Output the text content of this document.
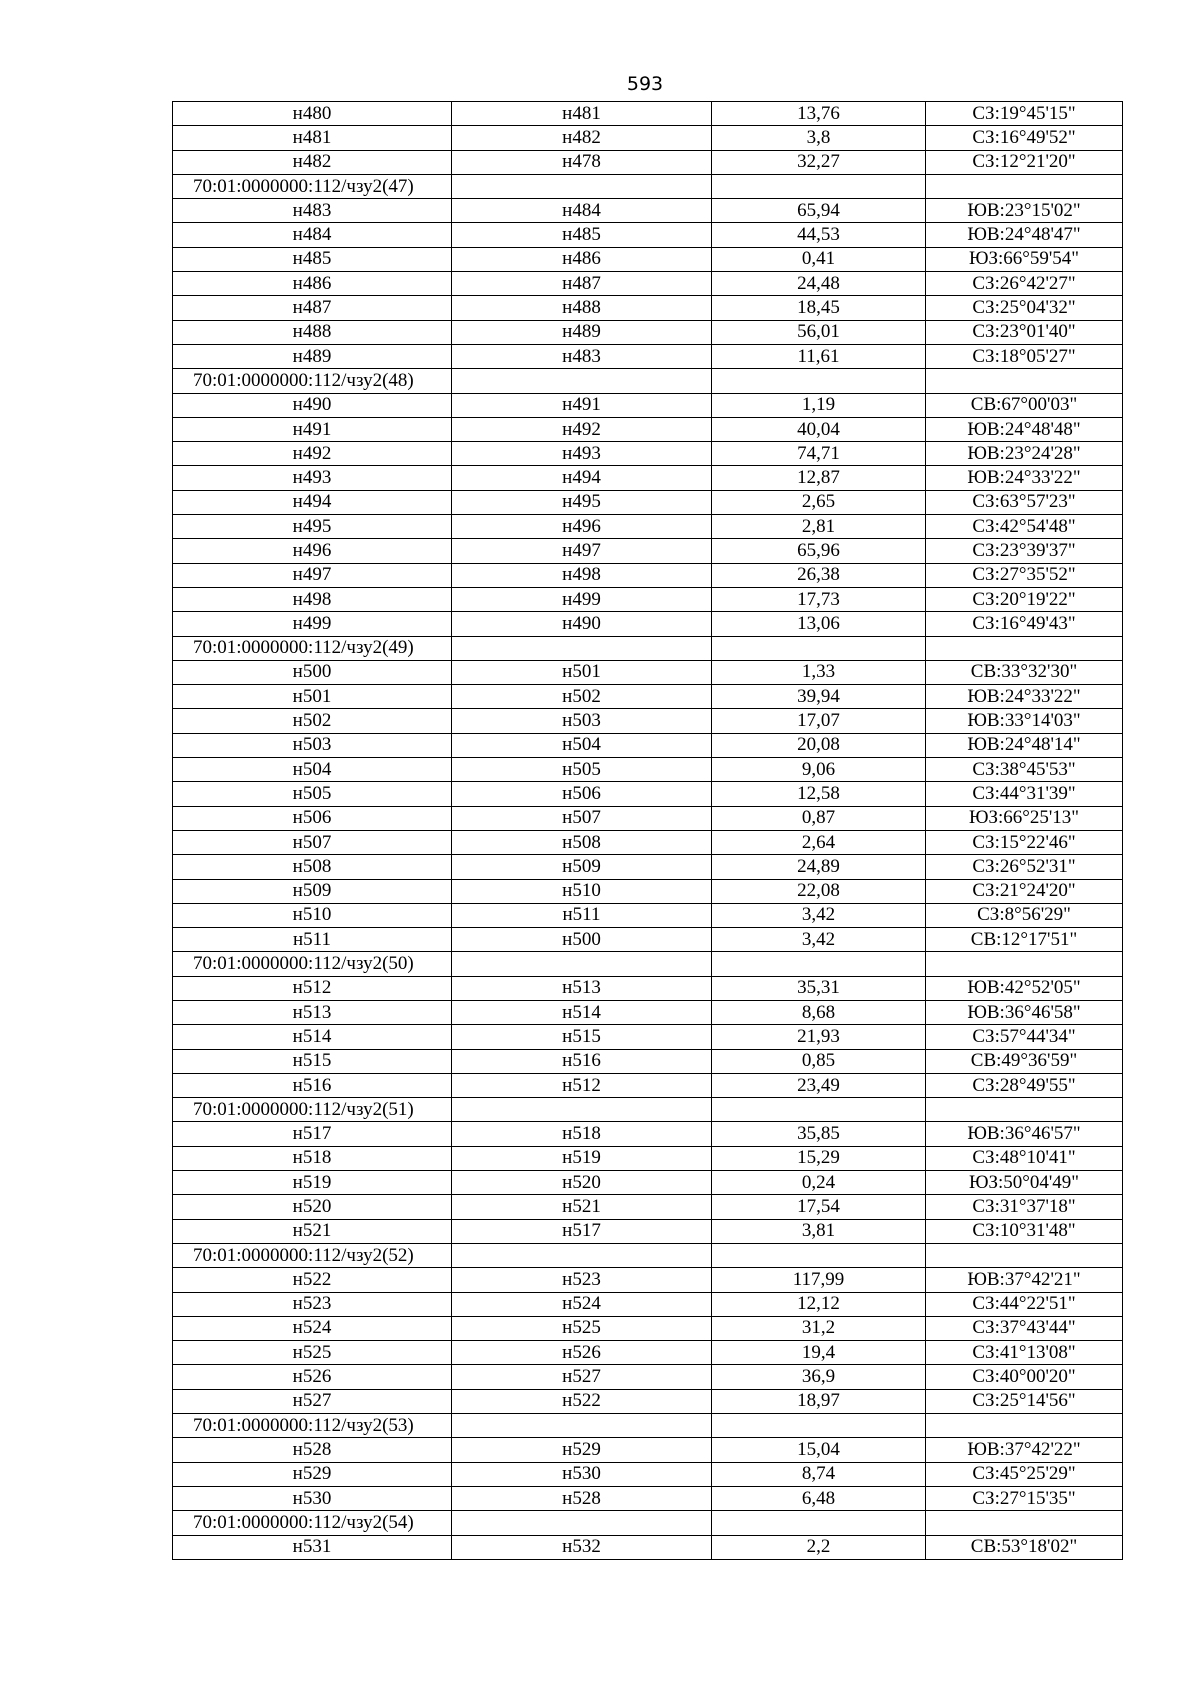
593
н480	н481	13,76	СЗ:19°45'15"
н481	н482	3,8	СЗ:16°49'52"
н482	н478	32,27	СЗ:12°21'20"
70:01:0000000:112/чзу2(47)			
н483	н484	65,94	ЮВ:23°15'02"
н484	н485	44,53	ЮВ:24°48'47"
н485	н486	0,41	ЮЗ:66°59'54"
н486	н487	24,48	СЗ:26°42'27"
н487	н488	18,45	СЗ:25°04'32"
н488	н489	56,01	СЗ:23°01'40"
н489	н483	11,61	СЗ:18°05'27"
70:01:0000000:112/чзу2(48)			
н490	н491	1,19	СВ:67°00'03"
н491	н492	40,04	ЮВ:24°48'48"
н492	н493	74,71	ЮВ:23°24'28"
н493	н494	12,87	ЮВ:24°33'22"
н494	н495	2,65	СЗ:63°57'23"
н495	н496	2,81	СЗ:42°54'48"
н496	н497	65,96	СЗ:23°39'37"
н497	н498	26,38	СЗ:27°35'52"
н498	н499	17,73	СЗ:20°19'22"
н499	н490	13,06	СЗ:16°49'43"
70:01:0000000:112/чзу2(49)			
н500	н501	1,33	СВ:33°32'30"
н501	н502	39,94	ЮВ:24°33'22"
н502	н503	17,07	ЮВ:33°14'03"
н503	н504	20,08	ЮВ:24°48'14"
н504	н505	9,06	СЗ:38°45'53"
н505	н506	12,58	СЗ:44°31'39"
н506	н507	0,87	ЮЗ:66°25'13"
н507	н508	2,64	СЗ:15°22'46"
н508	н509	24,89	СЗ:26°52'31"
н509	н510	22,08	СЗ:21°24'20"
н510	н511	3,42	СЗ:8°56'29"
н511	н500	3,42	СВ:12°17'51"
70:01:0000000:112/чзу2(50)			
н512	н513	35,31	ЮВ:42°52'05"
н513	н514	8,68	ЮВ:36°46'58"
н514	н515	21,93	СЗ:57°44'34"
н515	н516	0,85	СВ:49°36'59"
н516	н512	23,49	СЗ:28°49'55"
70:01:0000000:112/чзу2(51)			
н517	н518	35,85	ЮВ:36°46'57"
н518	н519	15,29	СЗ:48°10'41"
н519	н520	0,24	ЮЗ:50°04'49"
н520	н521	17,54	СЗ:31°37'18"
н521	н517	3,81	СЗ:10°31'48"
70:01:0000000:112/чзу2(52)			
н522	н523	117,99	ЮВ:37°42'21"
н523	н524	12,12	СЗ:44°22'51"
н524	н525	31,2	СЗ:37°43'44"
н525	н526	19,4	СЗ:41°13'08"
н526	н527	36,9	СЗ:40°00'20"
н527	н522	18,97	СЗ:25°14'56"
70:01:0000000:112/чзу2(53)			
н528	н529	15,04	ЮВ:37°42'22"
н529	н530	8,74	СЗ:45°25'29"
н530	н528	6,48	СЗ:27°15'35"
70:01:0000000:112/чзу2(54)			
н531	н532	2,2	СВ:53°18'02"
